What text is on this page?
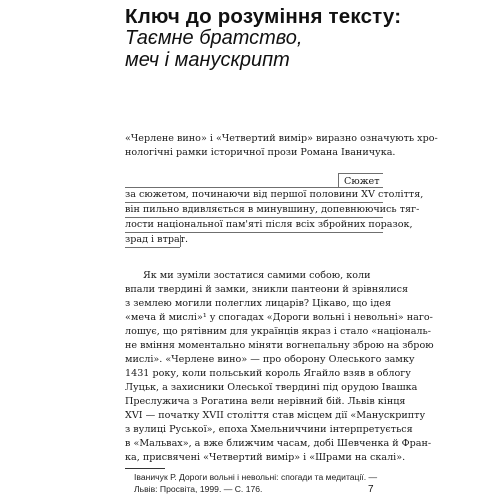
Ключ до розуміння тексту:
Таємне братство,
меч і манускрипт
«Черлене вино» і «Четвертий вимір» виразно означують хро-
нологічні рамки історичної прози Романа Іваничука.
Сюжет
за сюжетом, починаючи від першої половини XV століття,
він пильно вдивляється в минувшину, допевнюючись тяг-
лости національної пам'яті після всіх збройних поразок,
зрад і втрат.
Як ми зуміли зостатися самими собою, коли
впали твердині й замки, зникли пантеони й зрівнялися
з землею могили полеглих лицарів? Цікаво, що ідея
«меча й мислі»¹ у спогадах «Дороги вольні і невольні» наго-
лошує, що рятівним для українців якраз і стало «національ-
не вміння моментально міняти вогнепальну зброю на зброю
мислі». «Черлене вино» — про оборону Олеського замку
1431 року, коли польський король Ягайло взяв в облогу
Луцьк, а захисники Олеської твердині під орудою Івашка
Преслужича з Рогатина вели нерівний бій. Львів кінця
XVI — початку XVII століття став місцем дії «Манускрипту
з вулиці Руської», епоха Хмельниччини інтерпретується
в «Мальвах», а вже ближчим часам, добі Шевченка й Фран-
ка, присвячені «Четвертий вимір» і «Шрами на скалі».
Іваничук Р. Дороги вольні і невольні: спогади та медитації. —
Львів: Просвіта, 1999. — С. 176.	7
